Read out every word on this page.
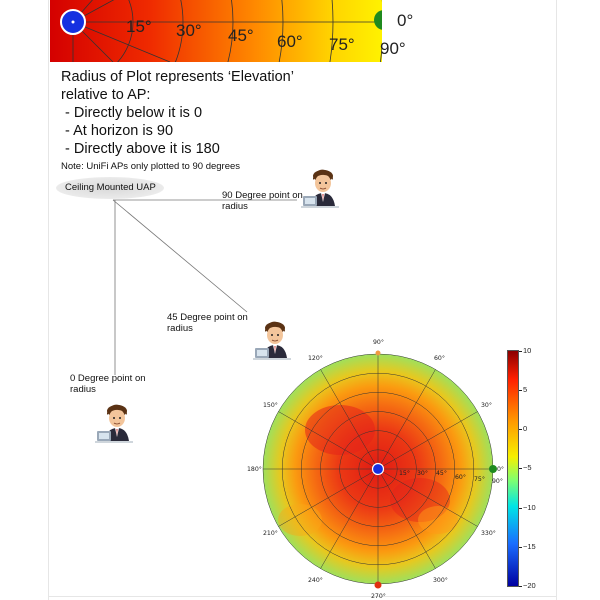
15° 30° 45° 60° 75°
0°
90°
Radius of Plot represents ‘Elevation’
relative to AP:
- Directly below it is 0
- At horizon is 90
- Directly above it is 180
Note: UniFi APs only plotted to 90 degrees
Ceiling Mounted UAP
0°
30°
60°
90°
120°
150°
180°
210°
240°
270°
300°
330°
15° 30° 45°
60° 75° 90°
90 Degree point on
radius
45 Degree point on
radius
0 Degree point on
radius
10
5
0
−5
−10
−15
−20
